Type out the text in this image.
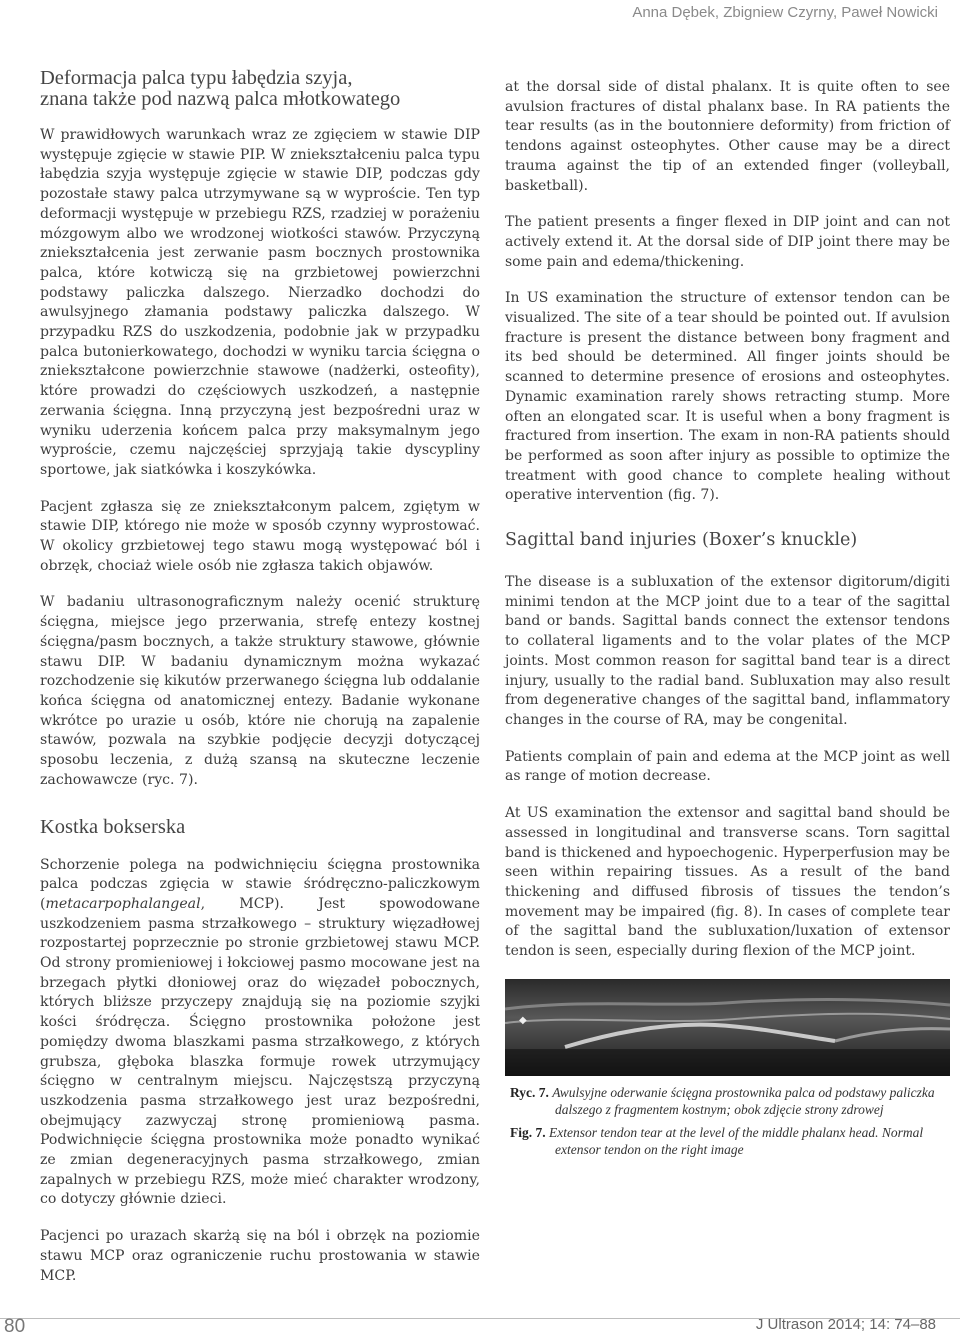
Anna Dębek, Zbigniew Czyrny, Paweł Nowicki
Deformacja palca typu łabędzia szyja,
znana także pod nazwą palca młotkowatego

W prawidłowych warunkach wraz ze zgięciem w stawie DIP występuje zgięcie w stawie PIP. W zniekształceniu palca typu łabędzia szyja występuje zgięcie w stawie DIP, podczas gdy pozostałe stawy palca utrzymywane są w wyproście. Ten typ deformacji występuje w przebiegu RZS, rzadziej w porażeniu mózgowym albo we wrodzonej wiotkości stawów. Przyczyną zniekształcenia jest zerwanie pasm bocznych prostownika palca, które kotwiczą się na grzbietowej powierzchni podstawy paliczka dalszego. Nierzadko dochodzi do awulsyjnego złamania podstawy paliczka dalszego. W przypadku RZS do uszkodzenia, podobnie jak w przypadku palca butonierkowatego, dochodzi w wyniku tarcia ścięgna o zniekształcone powierzchnie stawowe (nadżerki, osteofity), które prowadzi do częściowych uszkodzeń, a następnie zerwania ścięgna. Inną przyczyną jest bezpośredni uraz w wyniku uderzenia końcem palca przy maksymalnym jego wyproście, czemu najczęściej sprzyjają takie dyscypliny sportowe, jak siatkówka i koszykówka.

Pacjent zgłasza się ze zniekształconym palcem, zgiętym w stawie DIP, którego nie może w sposób czynny wyprostować. W okolicy grzbietowej tego stawu mogą występować ból i obrzęk, chociaż wiele osób nie zgłasza takich objawów.

W badaniu ultrasonograficznym należy ocenić strukturę ścięgna, miejsce jego przerwania, strefę entezy kostnej ścięgna/pasm bocznych, a także struktury stawowe, głównie stawu DIP. W badaniu dynamicznym można wykazać rozchodzenie się kikutów przerwanego ścięgna lub oddalanie końca ścięgna od anatomicznej entezy. Badanie wykonane wkrótce po urazie u osób, które nie chorują na zapalenie stawów, pozwala na szybkie podjęcie decyzji dotyczącej sposobu leczenia, z dużą szansą na skuteczne leczenie zachowawcze (ryc. 7).

Kostka bokserska

Schorzenie polega na podwichnięciu ścięgna prostownika palca podczas zgięcia w stawie śródręczno-paliczkowym (metacarpophalangeal, MCP). Jest spowodowane uszkodzeniem pasma strzałkowego – struktury więzadłowej rozpostartej poprzecznie po stronie grzbietowej stawu MCP. Od strony promieniowej i łokciowej pasmo mocowane jest na brzegach płytki dłoniowej oraz do więzadeł pobocznych, których bliższe przyczepy znajdują się na poziomie szyjki kości śródręcza. Ścięgno prostownika położone jest pomiędzy dwoma blaszkami pasma strzałkowego, z których grubsza, głęboka blaszka formuje rowek utrzymujący ścięgno w centralnym miejscu. Najczęstszą przyczyną uszkodzenia pasma strzałkowego jest uraz bezpośredni, obejmujący zazwyczaj stronę promieniową pasma. Podwichnięcie ścięgna prostownika może ponadto wynikać ze zmian degeneracyjnych pasma strzałkowego, zmian zapalnych w przebiegu RZS, może mieć charakter wrodzony, co dotyczy głównie dzieci.

Pacjenci po urazach skarżą się na ból i obrzęk na poziomie stawu MCP oraz ograniczenie ruchu prostowania w stawie MCP.

at the dorsal side of distal phalanx. It is quite often to see avulsion fractures of distal phalanx base. In RA patients the tear results (as in the boutonniere deformity) from friction of tendons against osteophytes. Other cause may be a direct trauma against the tip of an extended finger (volleyball, basketball).

The patient presents a finger flexed in DIP joint and can not actively extend it. At the dorsal side of DIP joint there may be some pain and edema/thickening.

In US examination the structure of extensor tendon can be visualized. The site of a tear should be pointed out. If avulsion fracture is present the distance between bony fragment and its bed should be determined. All finger joints should be scanned to determine presence of erosions and osteophytes. Dynamic examination rarely shows retracting stump. More often an elongated scar. It is useful when a bony fragment is fractured from insertion. The exam in non-RA patients should be performed as soon after injury as possible to optimize the treatment with good chance to complete healing without operative intervention (fig. 7).

Sagittal band injuries (Boxer’s knuckle)

The disease is a subluxation of the extensor digitorum/digiti minimi tendon at the MCP joint due to a tear of the sagittal band or bands. Sagittal bands connect the extensor tendons to collateral ligaments and to the volar plates of the MCP joints. Most common reason for sagittal band tear is a direct injury, usually to the radial band. Subluxation may also result from degenerative changes of the sagittal band, inflammatory changes in the course of RA, may be congenital.

Patients complain of pain and edema at the MCP joint as well as range of motion decrease.

At US examination the extensor and sagittal band should be assessed in longitudinal and transverse scans. Torn sagittal band is thickened and hypoechogenic. Hyperperfusion may be seen within repairing tissues. As a result of the band thickening and diffused fibrosis of tissues the tendon’s movement may be impaired (fig. 8). In cases of complete tear of the sagittal band the subluxation/luxation of extensor tendon is seen, especially during flexion of the MCP joint.

◆

Ryc. 7. Awulsyjne oderwanie ścięgna prostownika palca od podstawy paliczka dalszego z fragmentem kostnym; obok zdjęcie strony zdrowej

Fig. 7. Extensor tendon tear at the level of the middle phalanx head. Normal extensor tendon on the right image

80	J Ultrason 2014; 14: 74–88
